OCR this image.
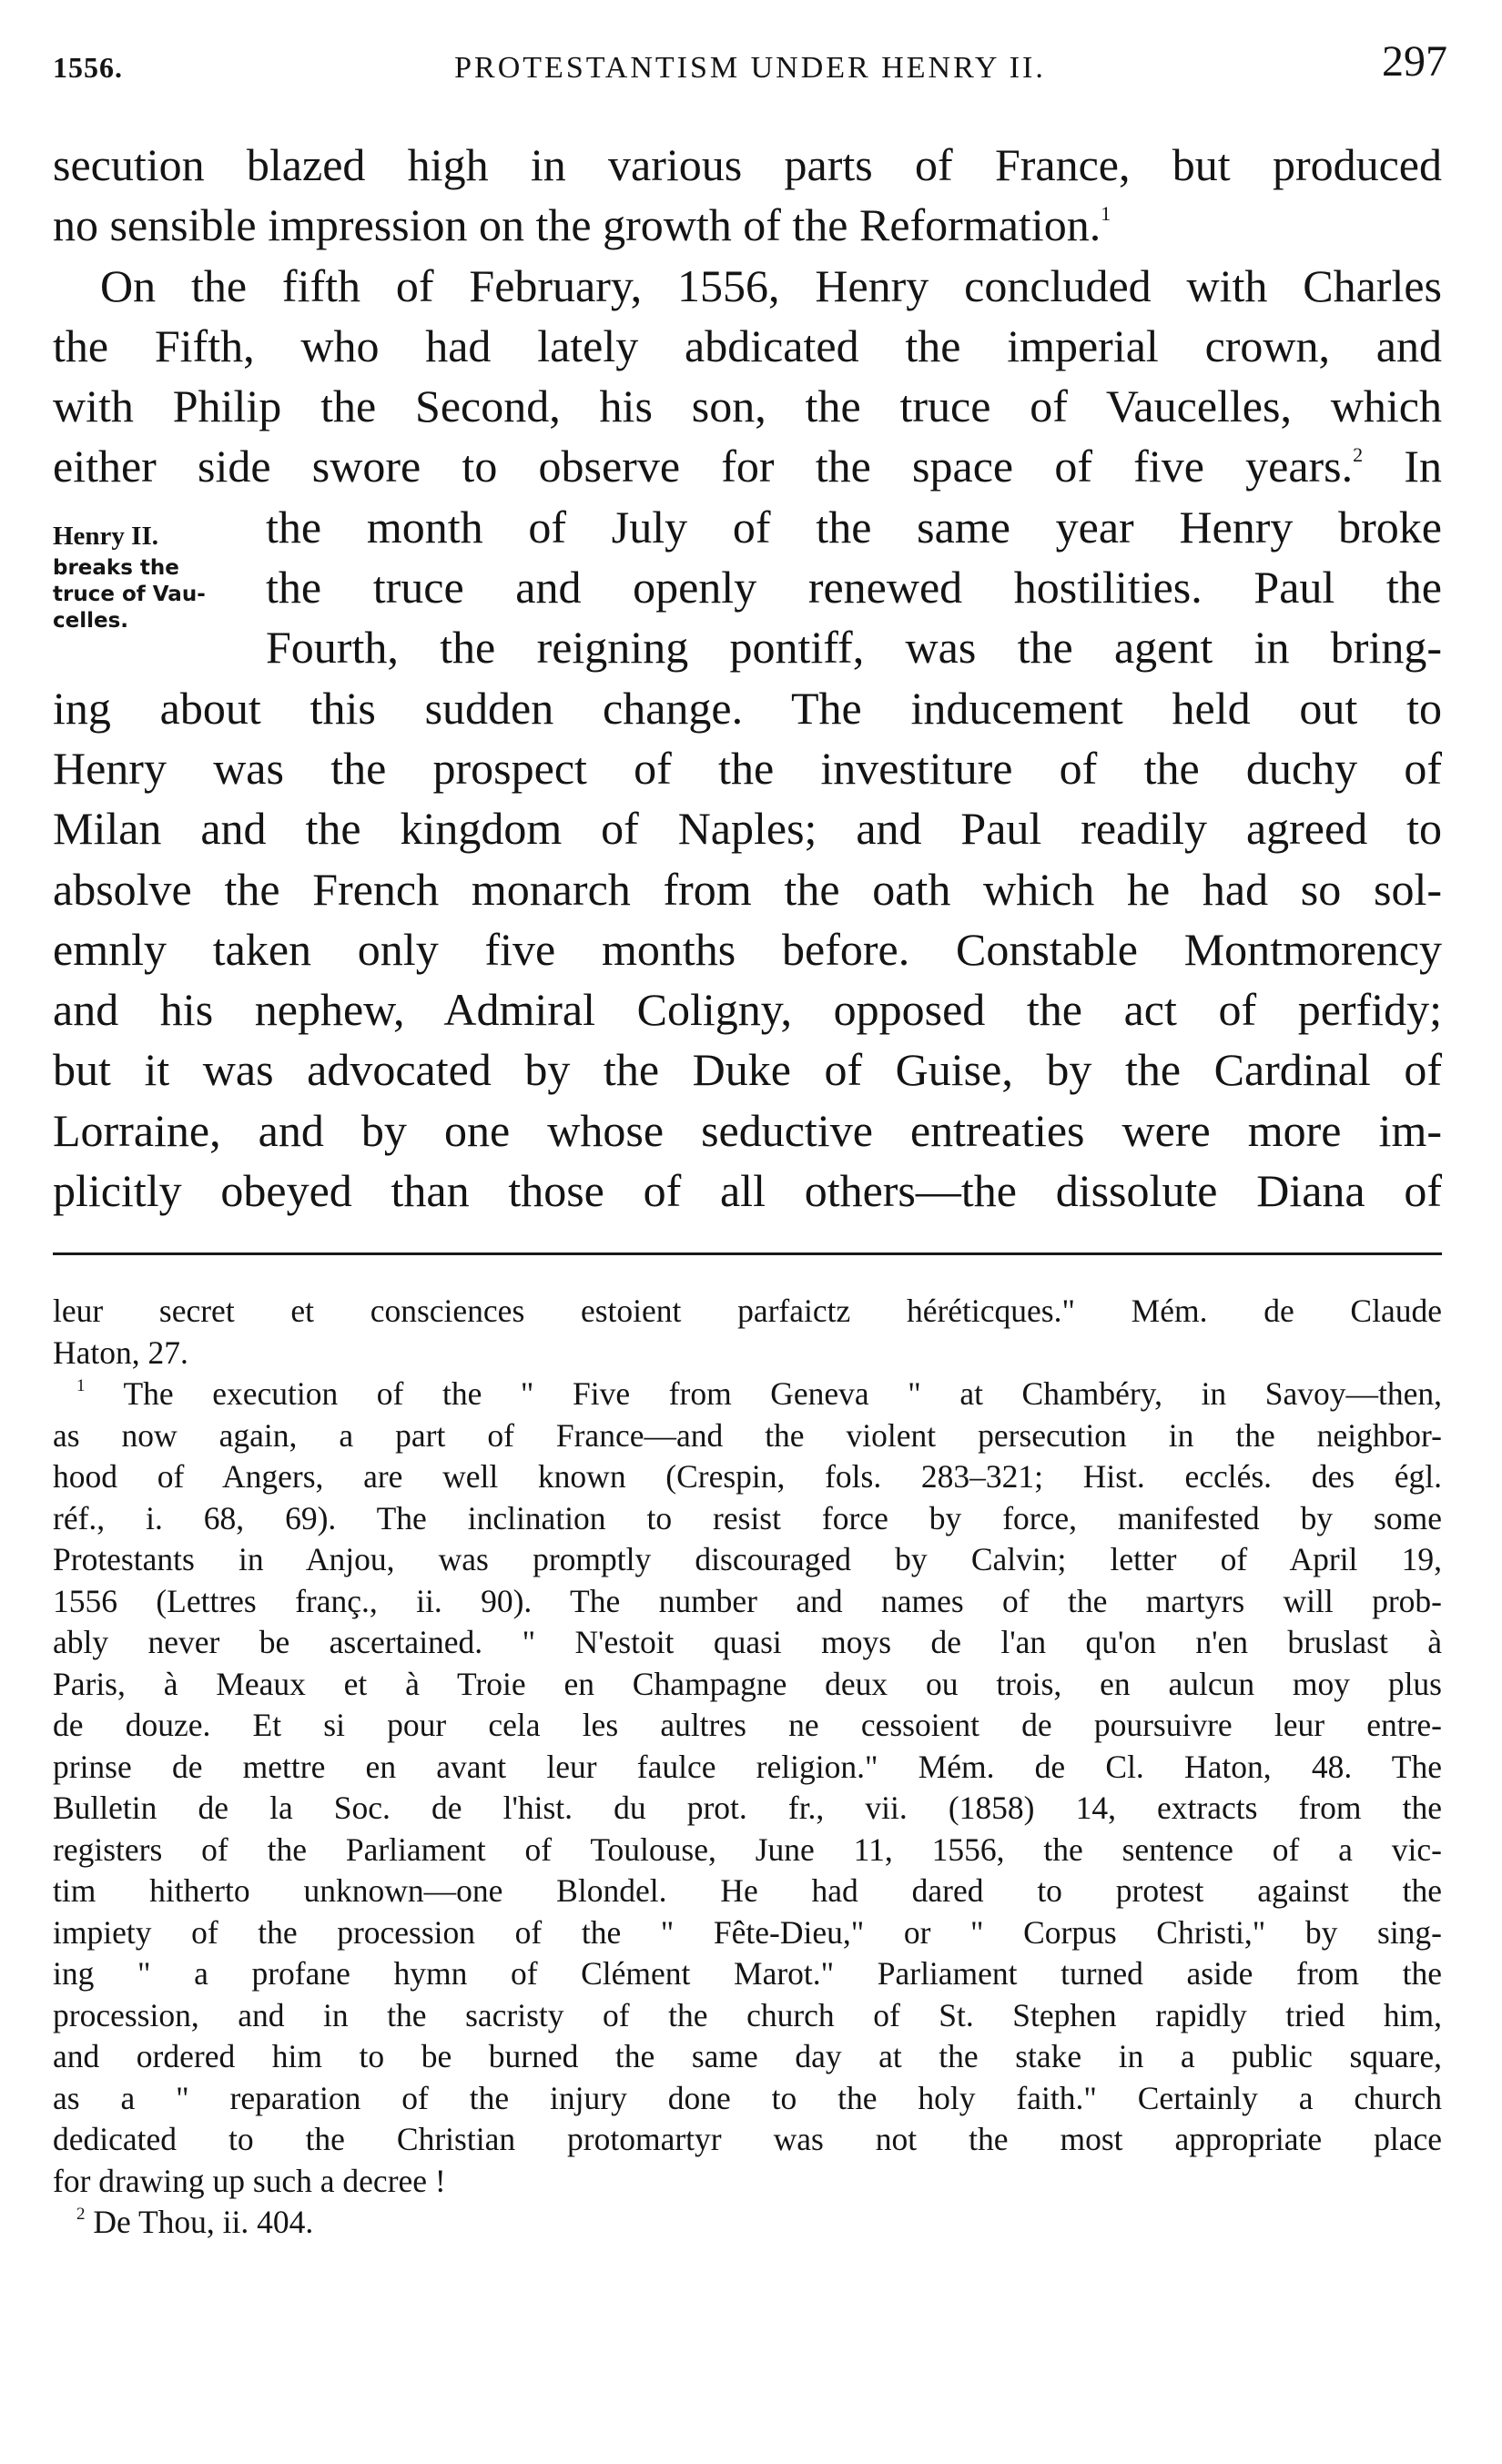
1556.	PROTESTANTISM UNDER HENRY II.	297
Henry II.
breaks the
truce of Vau-
celles.
secution blazed high in various parts of France, but produced
no sensible impression on the growth of the Reformation.$^1$
On the fifth of February, 1556, Henry concluded with Charles
the Fifth, who had lately abdicated the imperial crown, and
with Philip the Second, his son, the truce of Vaucelles, which
either side swore to observe for the space of five years.$^2$ In
the month of July of the same year Henry broke
the truce and openly renewed hostilities. Paul the
Fourth, the reigning pontiff, was the agent in bring-
ing about this sudden change. The inducement held out to
Henry was the prospect of the investiture of the duchy of
Milan and the kingdom of Naples; and Paul readily agreed to
absolve the French monarch from the oath which he had so sol-
emnly taken only five months before. Constable Montmorency
and his nephew, Admiral Coligny, opposed the act of perfidy;
but it was advocated by the Duke of Guise, by the Cardinal of
Lorraine, and by one whose seductive entreaties were more im-
plicitly obeyed than those of all others—the dissolute Diana of
leur secret et consciences estoient parfaictz héréticques." Mém. de Claude
Haton, 27.
$^1$ The execution of the " Five from Geneva " at Chambéry, in Savoy—then,
as now again, a part of France—and the violent persecution in the neighbor-
hood of Angers, are well known (Crespin, fols. 283–321; Hist. ecclés. des égl.
réf., i. 68, 69). The inclination to resist force by force, manifested by some
Protestants in Anjou, was promptly discouraged by Calvin; letter of April 19,
1556 (Lettres franç., ii. 90). The number and names of the martyrs will prob-
ably never be ascertained. " N'estoit quasi moys de l'an qu'on n'en bruslast à
Paris, à Meaux et à Troie en Champagne deux ou trois, en aulcun moy plus
de douze. Et si pour cela les aultres ne cessoient de poursuivre leur entre-
prinse de mettre en avant leur faulce religion." Mém. de Cl. Haton, 48. The
Bulletin de la Soc. de l'hist. du prot. fr., vii. (1858) 14, extracts from the
registers of the Parliament of Toulouse, June 11, 1556, the sentence of a vic-
tim hitherto unknown—one Blondel. He had dared to protest against the
impiety of the procession of the " Fête-Dieu," or " Corpus Christi," by sing-
ing " a profane hymn of Clément Marot." Parliament turned aside from the
procession, and in the sacristy of the church of St. Stephen rapidly tried him,
and ordered him to be burned the same day at the stake in a public square,
as a " reparation of the injury done to the holy faith." Certainly a church
dedicated to the Christian protomartyr was not the most appropriate place
for drawing up such a decree !
$^2$ De Thou, ii. 404.
